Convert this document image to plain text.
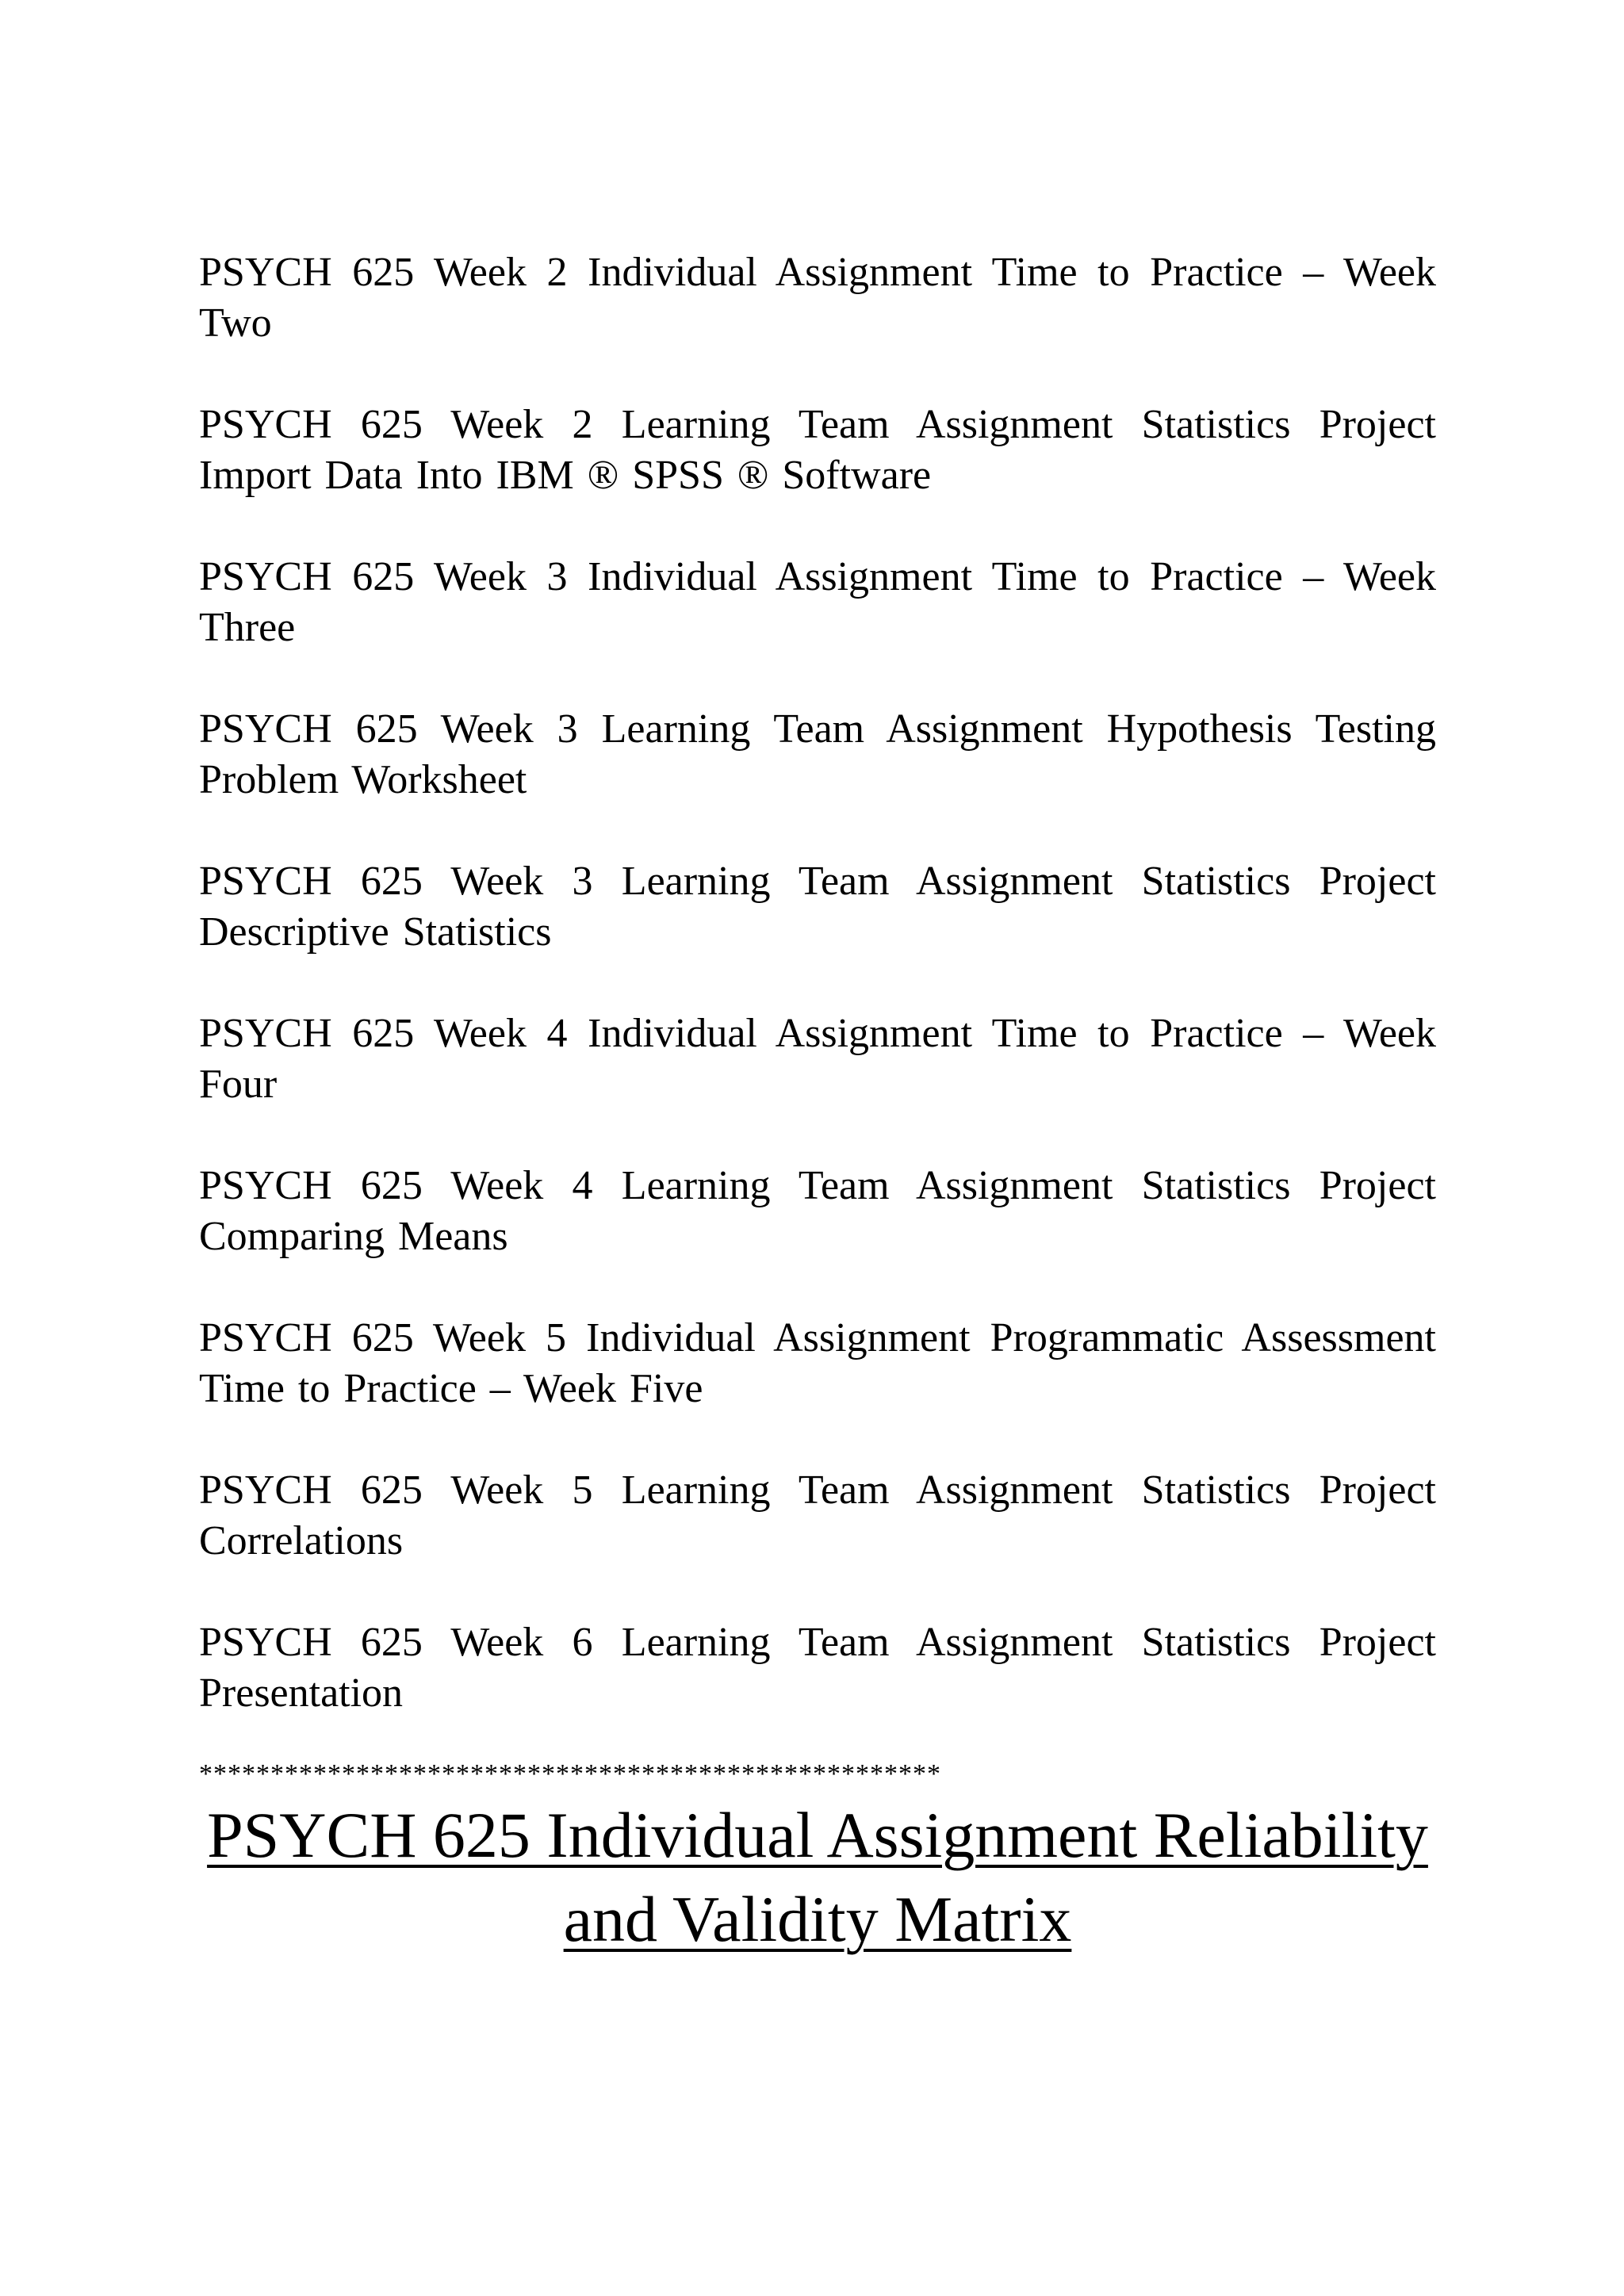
PSYCH 625 Week 2 Individual Assignment Time to Practice – Week Two
PSYCH 625 Week 2 Learning Team Assignment Statistics Project Import Data Into IBM ® SPSS ® Software
PSYCH 625 Week 3 Individual Assignment Time to Practice – Week Three
PSYCH 625 Week 3 Learning Team Assignment Hypothesis Testing Problem Worksheet
PSYCH 625 Week 3 Learning Team Assignment Statistics Project Descriptive Statistics
PSYCH 625 Week 4 Individual Assignment Time to Practice – Week Four
PSYCH 625 Week 4 Learning Team Assignment Statistics Project Comparing Means
PSYCH 625 Week 5 Individual Assignment Programmatic Assessment Time to Practice – Week Five
PSYCH 625 Week 5 Learning Team Assignment Statistics Project Correlations
PSYCH 625 Week 6 Learning Team Assignment Statistics Project Presentation
****************************************************
PSYCH 625 Individual Assignment Reliability and Validity Matrix
